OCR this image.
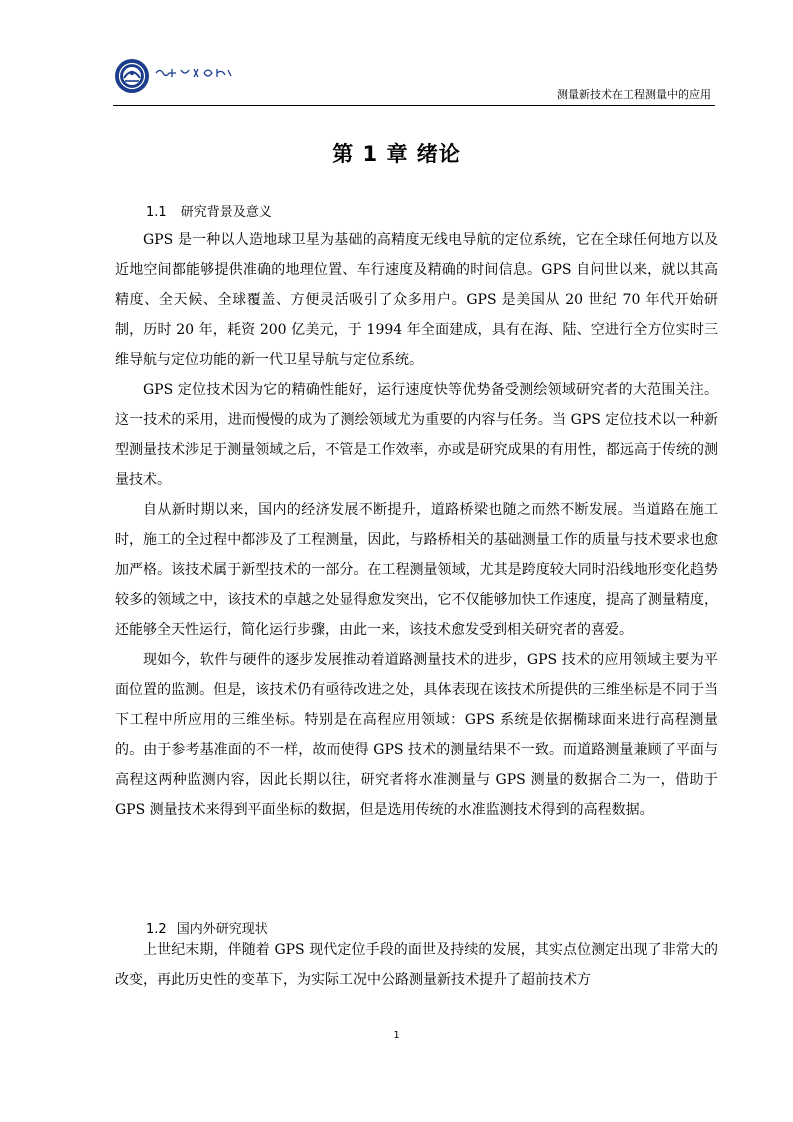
测量新技术在工程测量中的应用
第 1 章 绪论
1.1 研究背景及意义

GPS 是一种以人造地球卫星为基础的高精度无线电导航的定位系统，它在全球任何地方以及近地空间都能够提供准确的地理位置、车行速度及精确的时间信息。GPS 自问世以来，就以其高精度、全天候、全球覆盖、方便灵活吸引了众多用户。GPS 是美国从 20 世纪 70 年代开始研制，历时 20 年，耗资 200 亿美元，于 1994 年全面建成，具有在海、陆、空进行全方位实时三维导航与定位功能的新一代卫星导航与定位系统。

GPS 定位技术因为它的精确性能好，运行速度快等优势备受测绘领域研究者的大范围关注。这一技术的采用，进而慢慢的成为了测绘领域尤为重要的内容与任务。当 GPS 定位技术以一种新型测量技术涉足于测量领域之后，不管是工作效率，亦或是研究成果的有用性，都远高于传统的测量技术。

自从新时期以来，国内的经济发展不断提升，道路桥梁也随之而然不断发展。当道路在施工时，施工的全过程中都涉及了工程测量，因此，与路桥相关的基础测量工作的质量与技术要求也愈加严格。该技术属于新型技术的一部分。在工程测量领域，尤其是跨度较大同时沿线地形变化趋势较多的领域之中，该技术的卓越之处显得愈发突出，它不仅能够加快工作速度，提高了测量精度，还能够全天性运行，简化运行步骤，由此一来，该技术愈发受到相关研究者的喜爱。

现如今，软件与硬件的逐步发展推动着道路测量技术的进步，GPS 技术的应用领域主要为平面位置的监测。但是，该技术仍有亟待改进之处，具体表现在该技术所提供的三维坐标是不同于当下工程中所应用的三维坐标。特别是在高程应用领域：GPS 系统是依据椭球面来进行高程测量的。由于参考基准面的不一样，故而使得 GPS 技术的测量结果不一致。而道路测量兼顾了平面与高程这两种监测内容，因此长期以往，研究者将水准测量与 GPS 测量的数据合二为一，借助于 GPS 测量技术来得到平面坐标的数据，但是选用传统的水准监测技术得到的高程数据。

1.2 国内外研究现状

上世纪末期，伴随着 GPS 现代定位手段的面世及持续的发展，其实点位测定出现了非常大的改变，再此历史性的变革下，为实际工况中公路测量新技术提升了超前技术方

1
